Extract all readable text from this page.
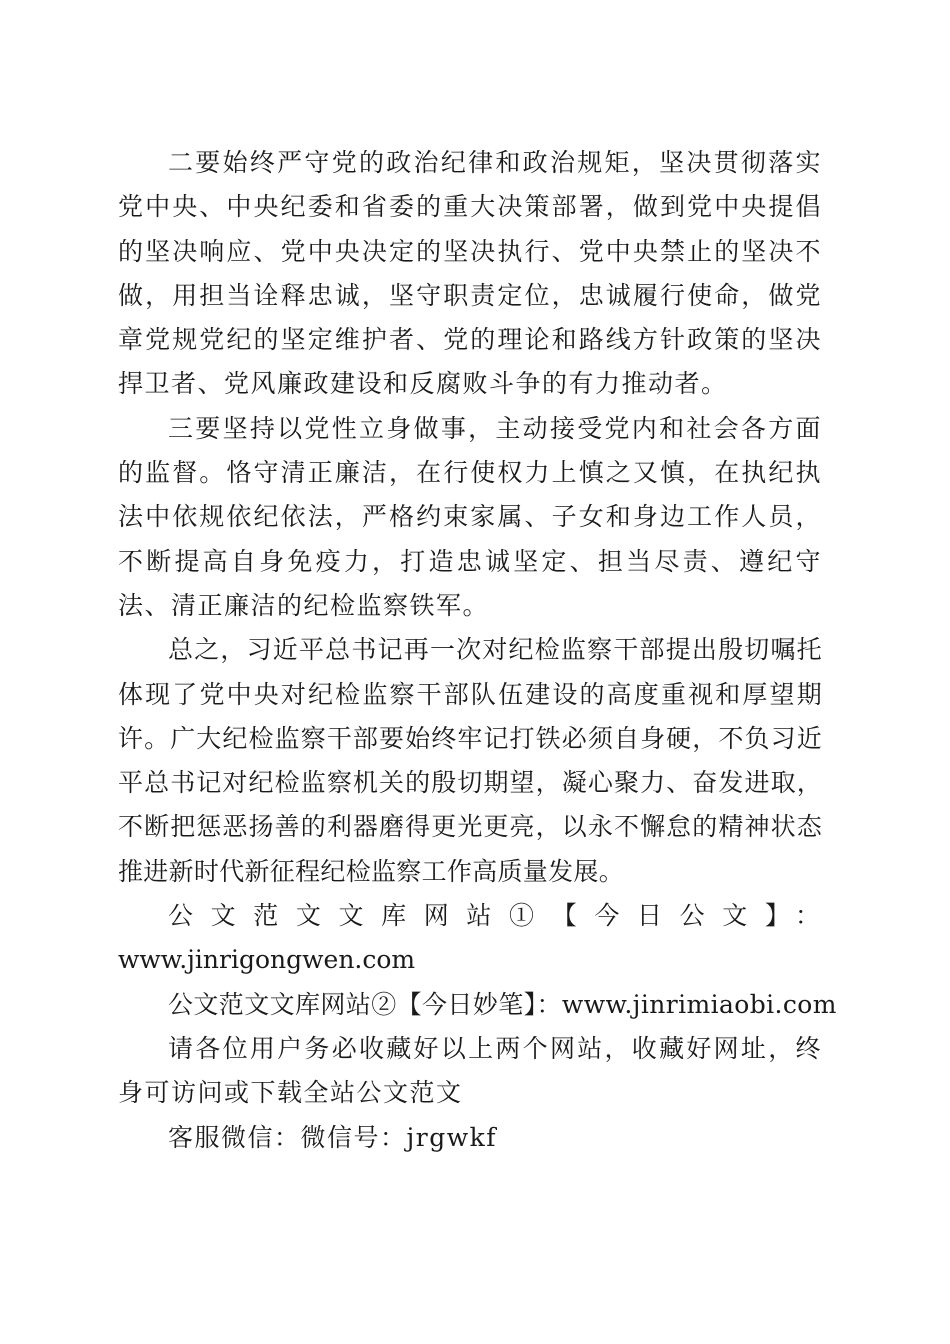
二要始终严守党的政治纪律和政治规矩，坚决贯彻落实党中央、中央纪委和省委的重大决策部署，做到党中央提倡的坚决响应、党中央决定的坚决执行、党中央禁止的坚决不做，用担当诠释忠诚，坚守职责定位，忠诚履行使命，做党章党规党纪的坚定维护者、党的理论和路线方针政策的坚决捍卫者、党风廉政建设和反腐败斗争的有力推动者。

三要坚持以党性立身做事，主动接受党内和社会各方面的监督。恪守清正廉洁，在行使权力上慎之又慎，在执纪执法中依规依纪依法，严格约束家属、子女和身边工作人员，不断提高自身免疫力，打造忠诚坚定、担当尽责、遵纪守法、清正廉洁的纪检监察铁军。

总之，习近平总书记再一次对纪检监察干部提出殷切嘱托体现了党中央对纪检监察干部队伍建设的高度重视和厚望期许。广大纪检监察干部要始终牢记打铁必须自身硬，不负习近平总书记对纪检监察机关的殷切期望，凝心聚力、奋发进取，不断把惩恶扬善的利器磨得更光更亮，以永不懈怠的精神状态推进新时代新征程纪检监察工作高质量发展。

公文范文文库网站①【今日公文】：

www.jinrigongwen.com

公文范文文库网站②【今日妙笔】：www.jinrimiaobi.com

请各位用户务必收藏好以上两个网站，收藏好网址，终身可访问或下载全站公文范文

客服微信：微信号：jrgwkf
